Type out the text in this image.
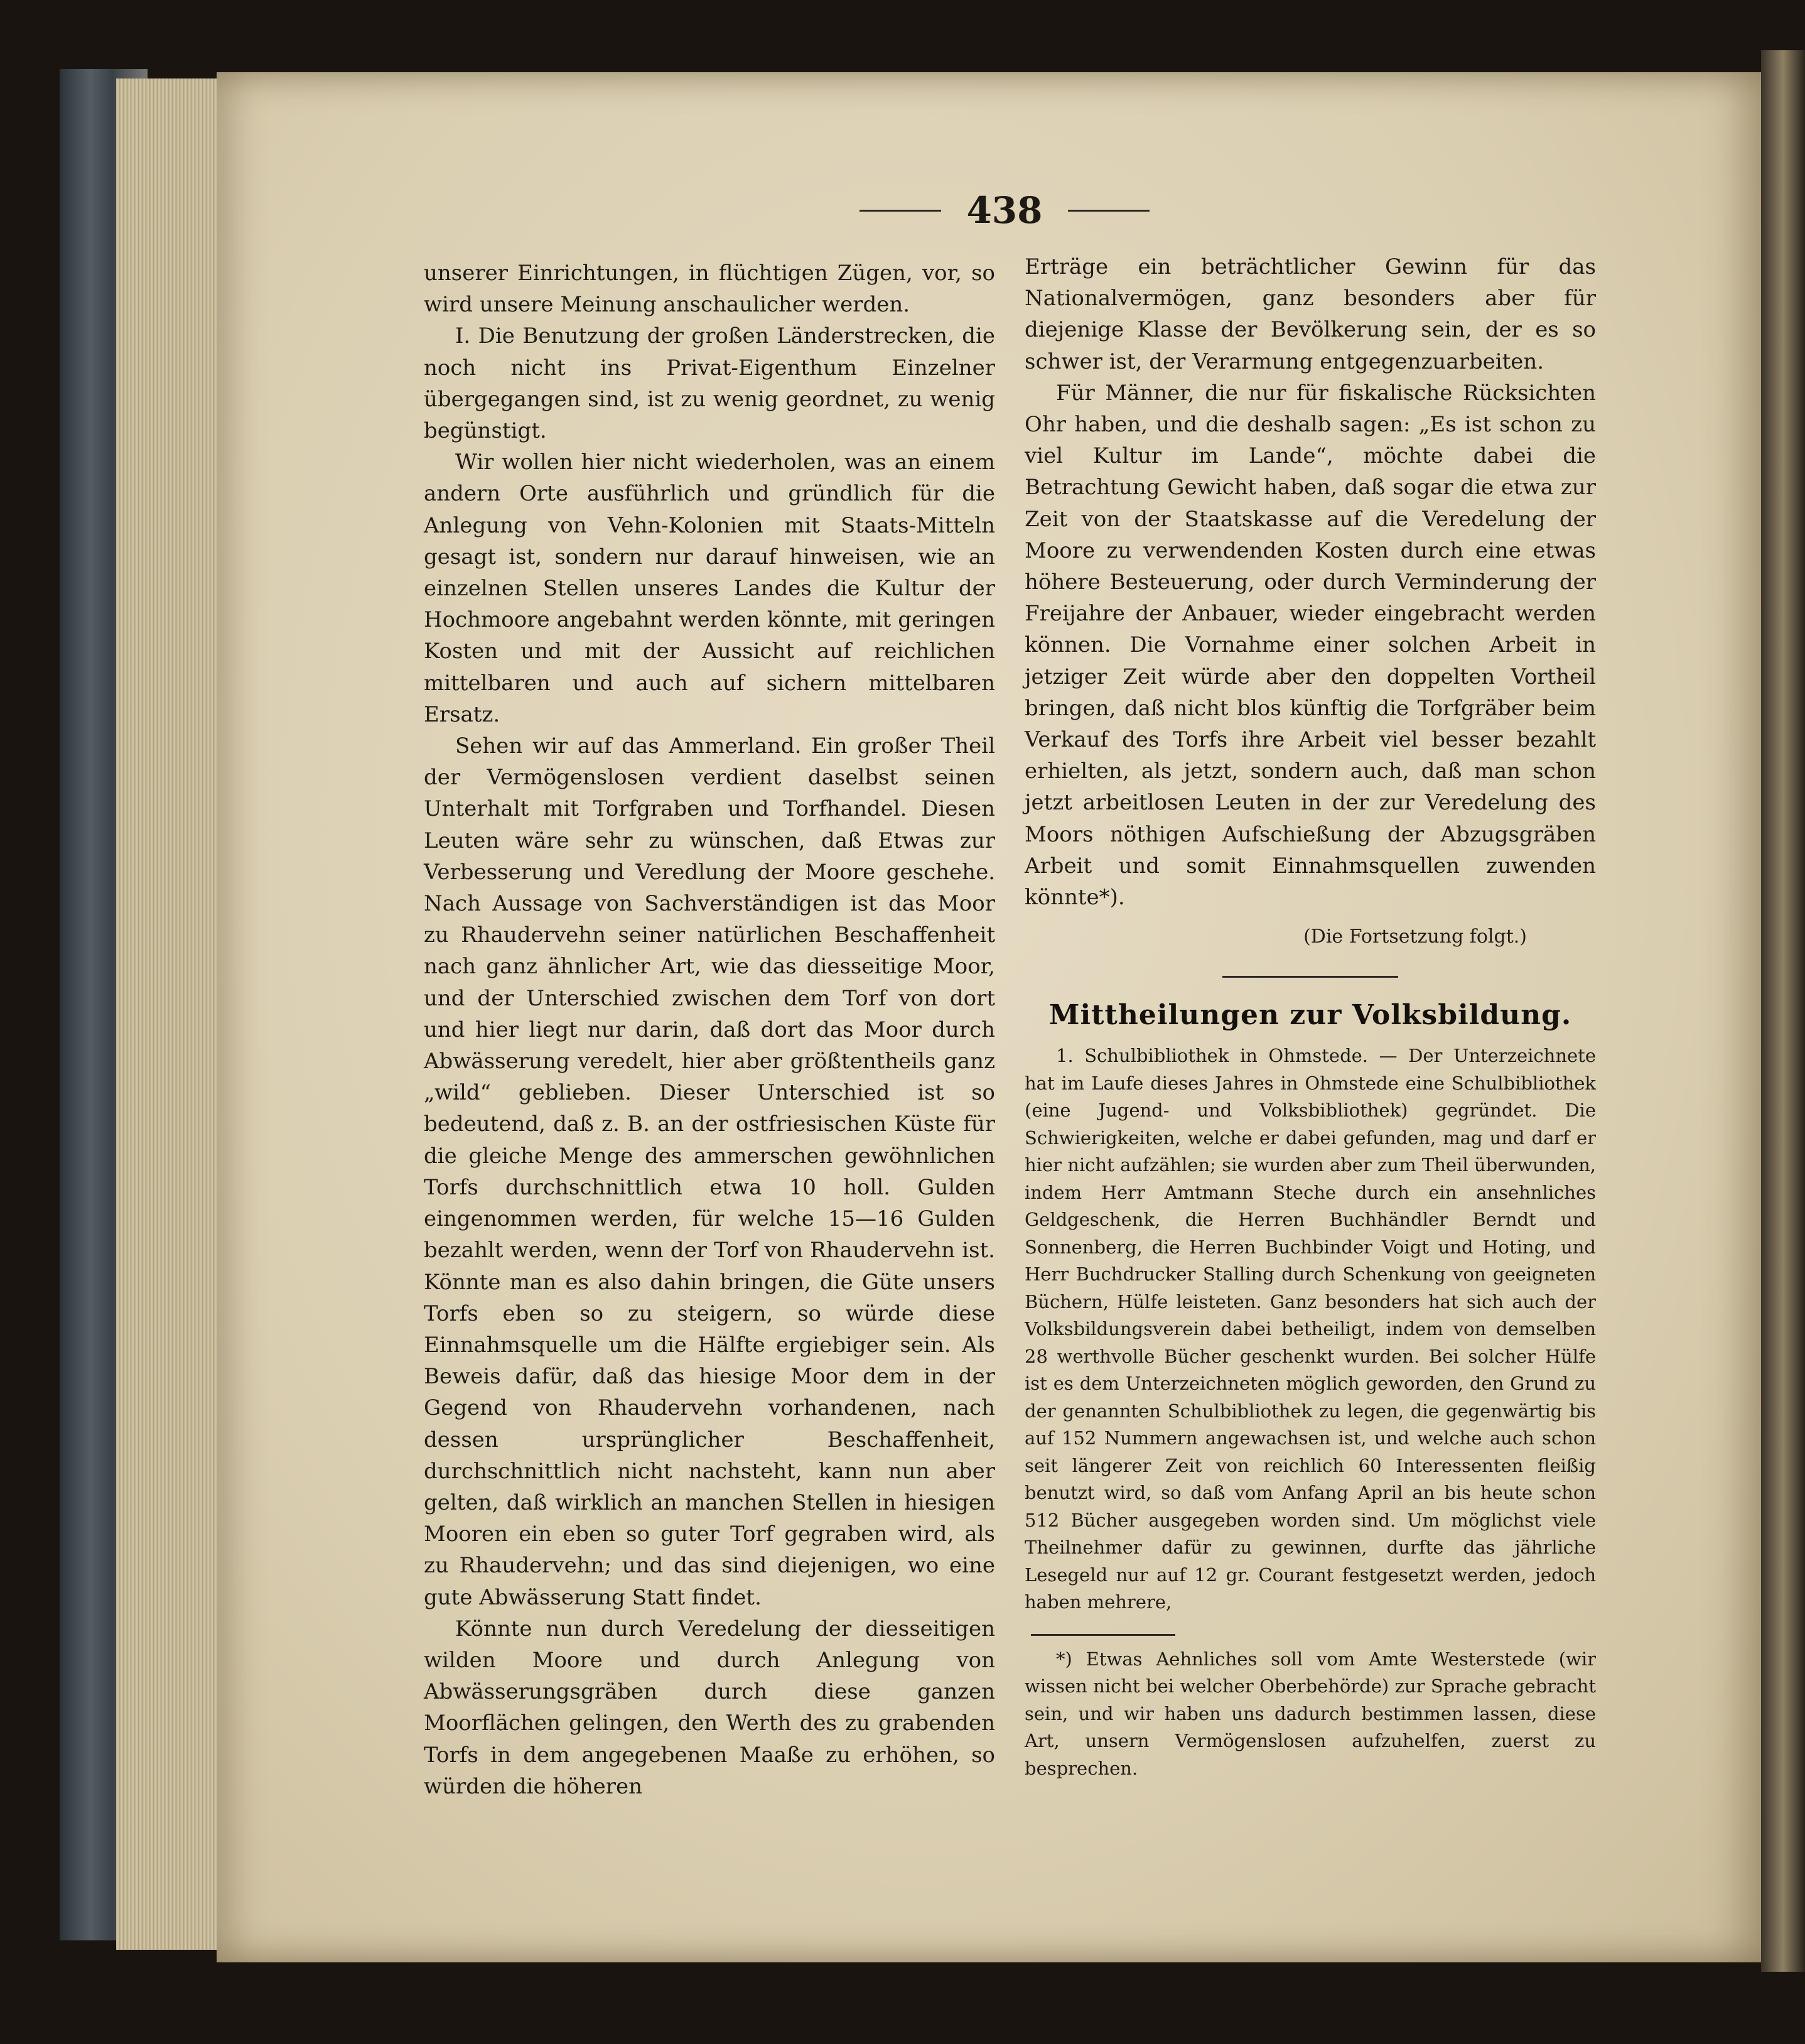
438

unserer Einrichtungen, in flüchtigen Zügen, vor, so wird unsere Meinung anschaulicher werden.

I. Die Benutzung der großen Länderstrecken, die noch nicht ins Privat-Eigenthum Einzelner übergegangen sind, ist zu wenig geordnet, zu wenig begünstigt.

Wir wollen hier nicht wiederholen, was an einem andern Orte ausführlich und gründlich für die Anlegung von Vehn-Kolonien mit Staats-Mitteln gesagt ist, sondern nur darauf hinweisen, wie an einzelnen Stellen unseres Landes die Kultur der Hochmoore angebahnt werden könnte, mit geringen Kosten und mit der Aussicht auf reichlichen mittelbaren und auch auf sichern mittelbaren Ersatz.

Sehen wir auf das Ammerland. Ein großer Theil der Vermögenslosen verdient daselbst seinen Unterhalt mit Torfgraben und Torfhandel. Diesen Leuten wäre sehr zu wünschen, daß Etwas zur Verbesserung und Veredlung der Moore geschehe. Nach Aussage von Sachverständigen ist das Moor zu Rhaudervehn seiner natürlichen Beschaffenheit nach ganz ähnlicher Art, wie das diesseitige Moor, und der Unterschied zwischen dem Torf von dort und hier liegt nur darin, daß dort das Moor durch Abwässerung veredelt, hier aber größtentheils ganz „wild“ geblieben. Dieser Unterschied ist so bedeutend, daß z. B. an der ostfriesischen Küste für die gleiche Menge des ammerschen gewöhnlichen Torfs durchschnittlich etwa 10 holl. Gulden eingenommen werden, für welche 15—16 Gulden bezahlt werden, wenn der Torf von Rhaudervehn ist. Könnte man es also dahin bringen, die Güte unsers Torfs eben so zu steigern, so würde diese Einnahmsquelle um die Hälfte ergiebiger sein. Als Beweis dafür, daß das hiesige Moor dem in der Gegend von Rhaudervehn vorhandenen, nach dessen ursprünglicher Beschaffenheit, durchschnittlich nicht nachsteht, kann nun aber gelten, daß wirklich an manchen Stellen in hiesigen Mooren ein eben so guter Torf gegraben wird, als zu Rhaudervehn; und das sind diejenigen, wo eine gute Abwässerung Statt findet.

Könnte nun durch Veredelung der diesseitigen wilden Moore und durch Anlegung von Abwässerungsgräben durch diese ganzen Moorflächen gelingen, den Werth des zu grabenden Torfs in dem angegebenen Maaße zu erhöhen, so würden die höheren

Erträge ein beträchtlicher Gewinn für das Nationalvermögen, ganz besonders aber für diejenige Klasse der Bevölkerung sein, der es so schwer ist, der Verarmung entgegenzuarbeiten.

Für Männer, die nur für fiskalische Rücksichten Ohr haben, und die deshalb sagen: „Es ist schon zu viel Kultur im Lande“, möchte dabei die Betrachtung Gewicht haben, daß sogar die etwa zur Zeit von der Staatskasse auf die Veredelung der Moore zu verwendenden Kosten durch eine etwas höhere Besteuerung, oder durch Verminderung der Freijahre der Anbauer, wieder eingebracht werden können. Die Vornahme einer solchen Arbeit in jetziger Zeit würde aber den doppelten Vortheil bringen, daß nicht blos künftig die Torfgräber beim Verkauf des Torfs ihre Arbeit viel besser bezahlt erhielten, als jetzt, sondern auch, daß man schon jetzt arbeitlosen Leuten in der zur Veredelung des Moors nöthigen Aufschießung der Abzugsgräben Arbeit und somit Einnahmsquellen zuwenden könnte*).

(Die Fortsetzung folgt.)
Mittheilungen zur Volksbildung.

1. Schulbibliothek in Ohmstede. — Der Unterzeichnete hat im Laufe dieses Jahres in Ohmstede eine Schulbibliothek (eine Jugend- und Volksbibliothek) gegründet. Die Schwierigkeiten, welche er dabei gefunden, mag und darf er hier nicht aufzählen; sie wurden aber zum Theil überwunden, indem Herr Amtmann Steche durch ein ansehnliches Geldgeschenk, die Herren Buchhändler Berndt und Sonnenberg, die Herren Buchbinder Voigt und Hoting, und Herr Buchdrucker Stalling durch Schenkung von geeigneten Büchern, Hülfe leisteten. Ganz besonders hat sich auch der Volksbildungsverein dabei betheiligt, indem von demselben 28 werthvolle Bücher geschenkt wurden. Bei solcher Hülfe ist es dem Unterzeichneten möglich geworden, den Grund zu der genannten Schulbibliothek zu legen, die gegenwärtig bis auf 152 Nummern angewachsen ist, und welche auch schon seit längerer Zeit von reichlich 60 Interessenten fleißig benutzt wird, so daß vom Anfang April an bis heute schon 512 Bücher ausgegeben worden sind. Um möglichst viele Theilnehmer dafür zu gewinnen, durfte das jährliche Lesegeld nur auf 12 gr. Courant festgesetzt werden, jedoch haben mehrere,

*) Etwas Aehnliches soll vom Amte Westerstede (wir wissen nicht bei welcher Oberbehörde) zur Sprache gebracht sein, und wir haben uns dadurch bestimmen lassen, diese Art, unsern Vermögenslosen aufzuhelfen, zuerst zu besprechen.
